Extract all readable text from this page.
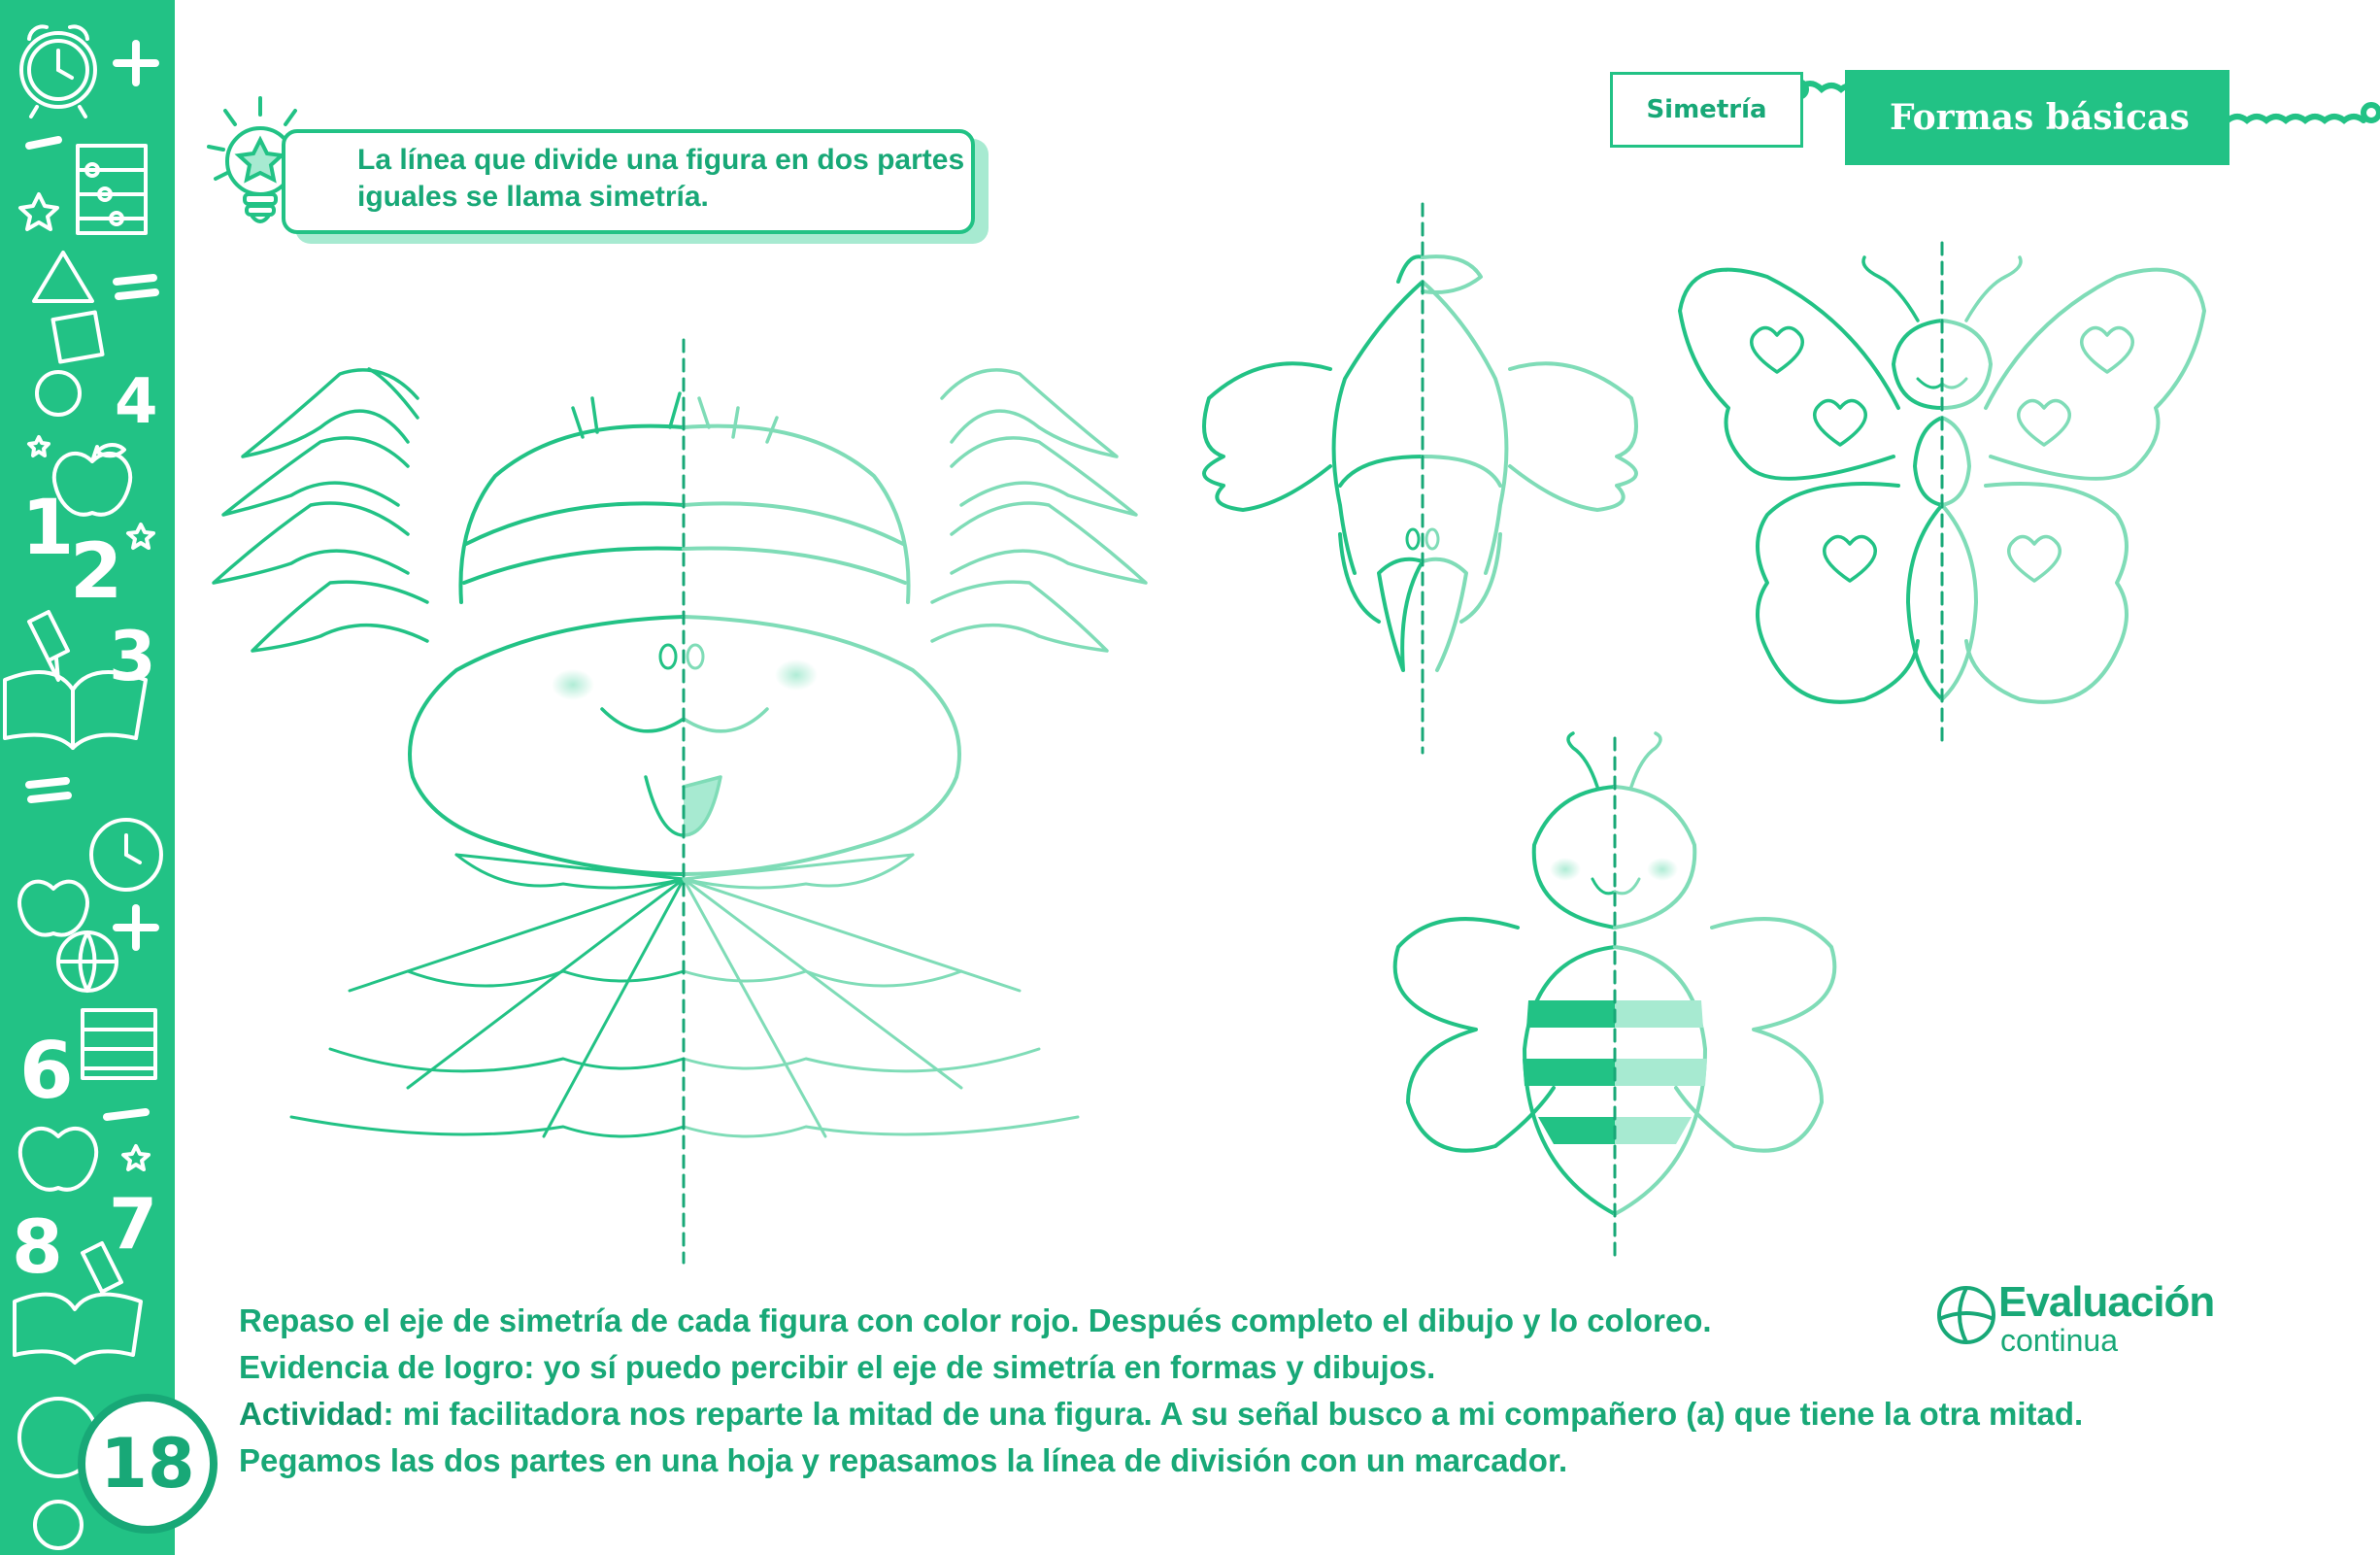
4
1
2
3
6
8 7
18
La línea que divide una figura en dos partes
iguales se llama simetría.
Simetría	Formas básicas
Evaluación
continua

Repaso el eje de simetría de cada figura con color rojo. Después completo el dibujo y lo coloreo.

Evidencia de logro: yo sí puedo percibir el eje de simetría en formas y dibujos.

Actividad: mi facilitadora nos reparte la mitad de una figura. A su señal busco a mi compañero (a) que tiene la otra mitad.

Pegamos las dos partes en una hoja y repasamos la línea de división con un marcador.
